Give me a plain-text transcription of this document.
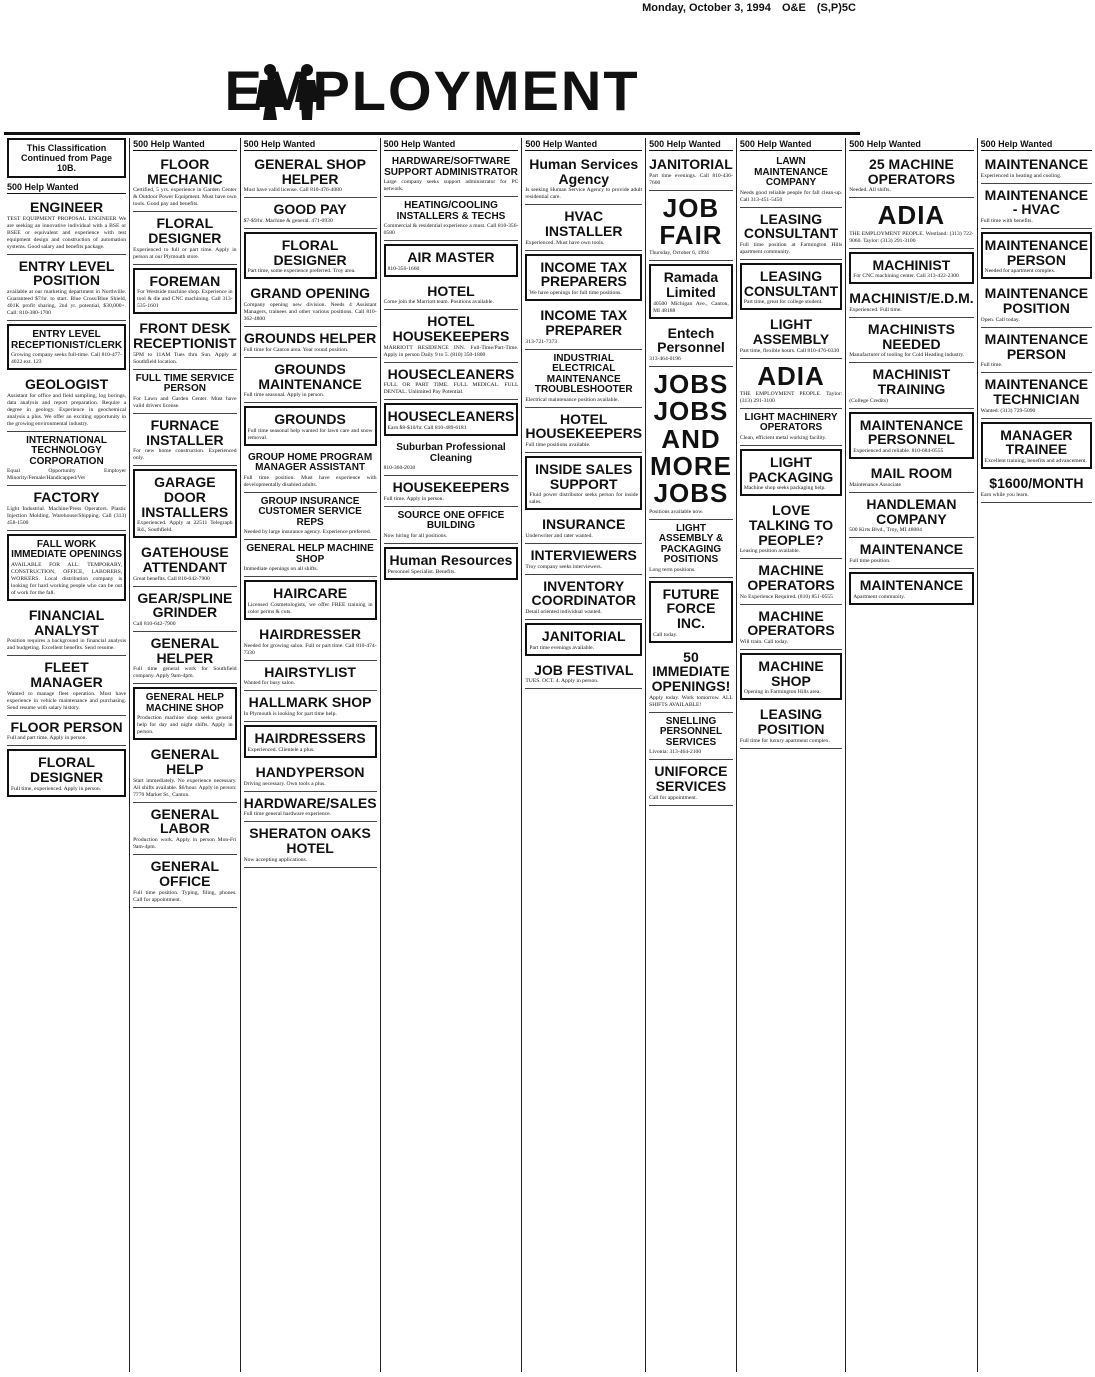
Monday, October 3, 1994 O&E (S,P)5C
EMPLOYMENT
This Classification Continued from Page 10B.
500 Help Wanted
ENGINEER

TEST EQUIPMENT PROPOSAL ENGINEER We are seeking an innovative individual with a BSE or BSEE or equivalent and experience with test equipment design and construction of automation systems. Good salary and benefits package.

ENTRY LEVEL POSITION

available at our marketing department in Northville. Guaranteed $7/hr. to start. Blue Cross/Blue Shield, 401K profit sharing, 2nd yr. potential, $30,000+. Call: 810-380-1700

ENTRY LEVEL RECEPTIONIST/CLERK

Growing company seeks full-time. Call 810-477-4022 ext. 123

GEOLOGIST

Assistant for office and field sampling, log borings, data analysis and report preparation. Require a degree in geology. Experience in geochemical analysis a plus. We offer an exciting opportunity in the growing environmental industry.

INTERNATIONAL TECHNOLOGY CORPORATION

Equal Opportunity Employer Minority/Female/Handicapped/Vet

FACTORY

Light Industrial. Machine/Press Operators. Plastic Injection Molding. Warehouse/Shipping. Call (313) 458-1500

FALL WORK IMMEDIATE OPENINGS

AVAILABLE FOR ALL: TEMPORARY, CONSTRUCTION, OFFICE, LABORERS, WORKERS. Local distribution company is looking for hard working people who can be out of work for the fall.

FINANCIAL ANALYST

Position requires a background in financial analysis and budgeting. Excellent benefits. Send resume.

FLEET MANAGER

Wanted to manage fleet operation. Must have experience in vehicle maintenance and purchasing. Send resume with salary history.

FLOOR PERSON

Full and part time. Apply in person.

FLORAL DESIGNER

Full time, experienced. Apply in person.

500 Help Wanted
FLOOR MECHANIC

Certified, 5 yrs. experience in Garden Center & Outdoor Power Equipment. Must have own tools. Good pay and benefits.

FLORAL DESIGNER

Experienced to full or part time. Apply in person at our Plymouth store.

FOREMAN

For Westside machine shop. Experience in tool & die and CNC machining. Call 313-535-1601

FRONT DESK RECEPTIONIST

5PM to 11AM Tues thru Sun. Apply at Southfield location.

FULL TIME SERVICE PERSON

For Lawn and Garden Center. Must have valid drivers license.

FURNACE INSTALLER

For new home construction. Experienced only.

GARAGE DOOR INSTALLERS

Experienced. Apply at 22511 Telegraph Rd., Southfield.

GATEHOUSE ATTENDANT

Great benefits. Call 810-642-7900

GEAR/SPLINE GRINDER

Call 810-642-7900

GENERAL HELPER

Full time general work for Southfield company. Apply 9am-4pm.

GENERAL HELP MACHINE SHOP

Production machine shop seeks general help for day and night shifts. Apply in person.

GENERAL HELP

Start immediately. No experience necessary. All shifts available. $6/hour. Apply in person: 7770 Market St., Canton.

GENERAL LABOR

Production work. Apply in person Mon-Fri 9am-4pm.

GENERAL OFFICE

Full time position. Typing, filing, phones. Call for appointment.

500 Help Wanted
GENERAL SHOP HELPER

Must have valid license. Call 810-476-4080

GOOD PAY

$7-$9/hr. Machine & general. 471-0930

FLORAL DESIGNER

Part time, some experience preferred. Troy area.

GRAND OPENING

Company opening new division. Needs 4 Assistant Managers, trainees and other various positions. Call 810-362-4800

GROUNDS HELPER

Full time for Canton area. Year round position.

GROUNDS MAINTENANCE

Full time seasonal. Apply in person.

GROUNDS

Full time seasonal help wanted for lawn care and snow removal.

GROUP HOME PROGRAM MANAGER ASSISTANT

Full time position. Must have experience with developmentally disabled adults.

GROUP INSURANCE CUSTOMER SERVICE REPS

Needed by large insurance agency. Experience preferred.

GENERAL HELP MACHINE SHOP

Immediate openings on all shifts.

HAIRCARE

Licensed Cosmetologists, we offer FREE training in color perms & cuts.

HAIRDRESSER

Needed for growing salon. Full or part time. Call 810-474-7330

HAIRSTYLIST

Wanted for busy salon.

HALLMARK SHOP

In Plymouth is looking for part time help.

HAIRDRESSERS

Experienced. Clientele a plus.

HANDYPERSON

Driving necessary. Own tools a plus.

HARDWARE/SALES

Full time general hardware experience.

SHERATON OAKS HOTEL

Now accepting applications.

500 Help Wanted
HARDWARE/SOFTWARE SUPPORT ADMINISTRATOR

Large company seeks support administrator for PC network.

HEATING/COOLING INSTALLERS & TECHS

Commercial & residential experience a must. Call 810-356-0580

AIR MASTER

810-356-1660

HOTEL

Come join the Marriott team. Positions available.

HOTEL HOUSEKEEPERS

MARRIOTT RESIDENCE INN. Full-Time/Part-Time. Apply in person Daily 9 to 5. (810) 350-1800

HOUSECLEANERS

FULL OR PART TIME. FULL MEDICAL. FULL DENTAL. Unlimited Pay Potential.

HOUSECLEANERS

Earn $8-$10/hr. Call 810-489-6181

Suburban Professional Cleaning

810-360-2030

HOUSEKEEPERS

Full time. Apply in person.

SOURCE ONE OFFICE BUILDING

Now hiring for all positions.

Human Resources

Personnel Specialist. Benefits.

500 Help Wanted
Human Services Agency

Is seeking Human Service Agency to provide adult residential care.

HVAC INSTALLER

Experienced. Must have own tools.

INCOME TAX PREPARERS

We have openings for full time positions.

INCOME TAX PREPARER

313-721-7373

INDUSTRIAL ELECTRICAL MAINTENANCE TROUBLESHOOTER

Electrical maintenance position available.

HOTEL HOUSEKEEPERS

Full time positions available.

INSIDE SALES SUPPORT

Fluid power distributor seeks person for inside sales.

INSURANCE

Underwriter and rater wanted.

INTERVIEWERS

Troy company seeks interviewers.

INVENTORY COORDINATOR

Detail oriented individual wanted.

JANITORIAL

Part time evenings available.

JOB FESTIVAL

TUES. OCT. 4. Apply in person.

500 Help Wanted
JANITORIAL

Part time evenings. Call 810-436-7600

JOB FAIR

Thursday, October 6, 1994

Ramada Limited

40500 Michigan Ave., Canton, MI 48188

Entech Personnel

313-464-0196

JOBS JOBS AND MORE JOBS

Positions available now.

LIGHT ASSEMBLY & PACKAGING POSITIONS

Long term positions.

FUTURE FORCE INC.

Call today.

50 IMMEDIATE OPENINGS!

Apply today. Work tomorrow. ALL SHIFTS AVAILABLE!

SNELLING PERSONNEL SERVICES

Livonia: 313-464-2100

UNIFORCE SERVICES

Call for appointment.

500 Help Wanted
LAWN MAINTENANCE COMPANY

Needs good reliable people for fall clean-up. Call 313-451-5450

LEASING CONSULTANT

Full time position at Farmington Hills apartment community.

LEASING CONSULTANT

Part time, great for college student.

LIGHT ASSEMBLY

Part time, flexible hours. Call 810-476-0330

ADIA

THE EMPLOYMENT PEOPLE. Taylor: (313) 291-3100

LIGHT MACHINERY OPERATORS

Clean, efficient metal working facility.

LIGHT PACKAGING

Machine shop seeks packaging help.

LOVE TALKING TO PEOPLE?

Leasing position available.

MACHINE OPERATORS

No Experience Required. (810) 851-0555

MACHINE OPERATORS

Will train. Call today.

MACHINE SHOP

Opening in Farmington Hills area.

LEASING POSITION

Full time for luxury apartment complex.

500 Help Wanted
25 MACHINE OPERATORS

Needed. All shifts.

ADIA

THE EMPLOYMENT PEOPLE. Westland: (313) 722-9060. Taylor: (313) 291-3100

MACHINIST

For CNC machining center. Call 313-422-2300

MACHINIST/E.D.M.

Experienced. Full time.

MACHINISTS NEEDED

Manufacturer of tooling for Cold Heading industry.

MACHINIST TRAINING

(College Credits)

MAINTENANCE PERSONNEL

Experienced and reliable. 810-684-0555

MAIL ROOM

Maintenance Associate

HANDLEMAN COMPANY

500 Kirts Blvd., Troy, MI 48084

MAINTENANCE

Full time position.

MAINTENANCE

Apartment community.

500 Help Wanted
MAINTENANCE

Experienced in heating and cooling.

MAINTENANCE - HVAC

Full time with benefits.

MAINTENANCE PERSON

Needed for apartment complex.

MAINTENANCE POSITION

Open. Call today.

MAINTENANCE PERSON

Full time.

MAINTENANCE TECHNICIAN

Wanted. (313) 729-5090

MANAGER TRAINEE

Excellent training, benefits and advancement.

$1600/MONTH

Earn while you learn.
